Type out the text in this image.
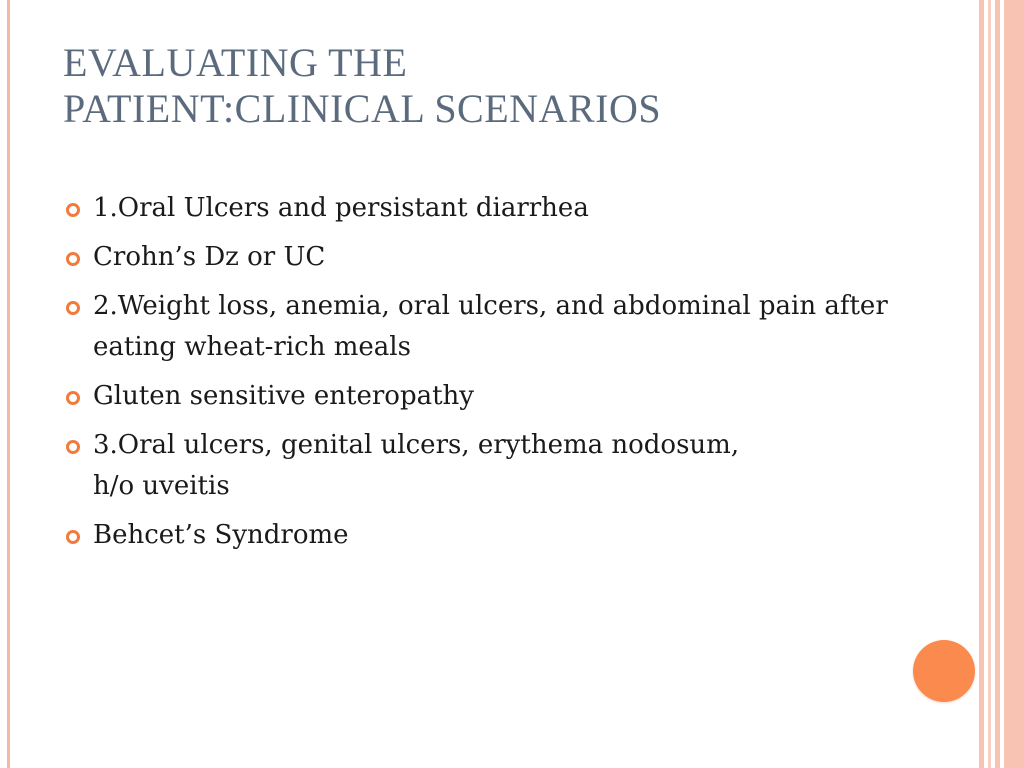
EVALUATING THE
PATIENT:CLINICAL SCENARIOS
1.Oral Ulcers and persistant diarrhea
Crohn’s Dz or UC
2.Weight loss, anemia, oral ulcers, and abdominal pain after eating wheat-rich meals
Gluten sensitive enteropathy
3.Oral ulcers, genital ulcers, erythema nodosum,
h/o uveitis
Behcet’s Syndrome
